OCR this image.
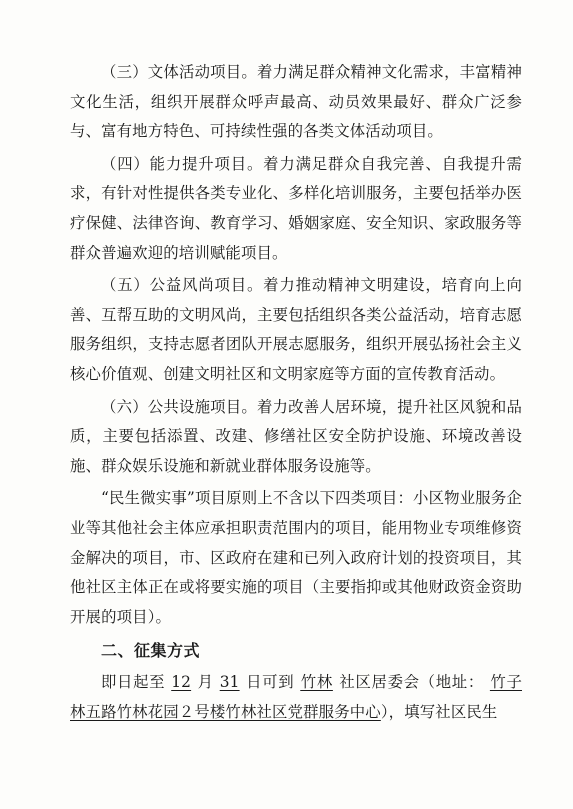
（三）文体活动项目。着力满足群众精神文化需求，丰富精神文化生活，组织开展群众呼声最高、动员效果最好、群众广泛参与、富有地方特色、可持续性强的各类文体活动项目。

（四）能力提升项目。着力满足群众自我完善、自我提升需求，有针对性提供各类专业化、多样化培训服务，主要包括举办医疗保健、法律咨询、教育学习、婚姻家庭、安全知识、家政服务等群众普遍欢迎的培训赋能项目。

（五）公益风尚项目。着力推动精神文明建设，培育向上向善、互帮互助的文明风尚，主要包括组织各类公益活动，培育志愿服务组织，支持志愿者团队开展志愿服务，组织开展弘扬社会主义核心价值观、创建文明社区和文明家庭等方面的宣传教育活动。

（六）公共设施项目。着力改善人居环境，提升社区风貌和品质，主要包括添置、改建、修缮社区安全防护设施、环境改善设施、群众娱乐设施和新就业群体服务设施等。

“民生微实事”项目原则上不含以下四类项目：小区物业服务企业等其他社会主体应承担职责范围内的项目，能用物业专项维修资金解决的项目，市、区政府在建和已列入政府计划的投资项目，其他社区主体正在或将要实施的项目（主要指抑或其他财政资金资助开展的项目）。

二、征集方式

即日起至 12 月 31 日可到 竹林 社区居委会（地址： 竹子林五路竹林花园２号楼竹林社区党群服务中心），填写社区民生
